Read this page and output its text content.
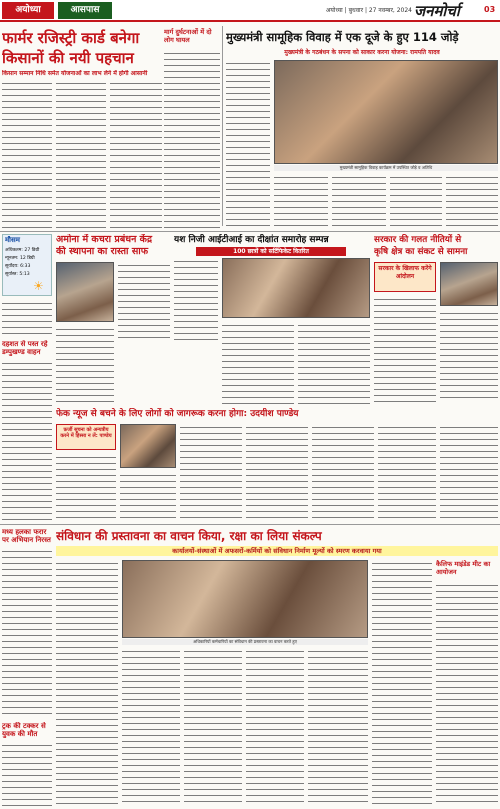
अयोध्या	आसपास	अयोध्या | बुधवार | 27 नवम्बर, 2024 जनमोर्चा	03
फार्मर रजिस्ट्री कार्ड बनेगा
किसानों की नयी पहचान
किसान सम्मान निधि समेत योजनाओं का लाभ लेने में होगी आसानी
मार्ग दुर्घटनाओं में दो लोग घायल	मुख्यमंत्री सामूहिक विवाह में एक दूजे के हुए 114 जोड़े
मुख्यमंत्री के गठबंधन के सपना को साकार करना योजना: रामपति यादव
मुख्यमंत्री सामूहिक विवाह कार्यक्रम में उपस्थित जोड़े व अतिथि
मौसम
अधिकतम: 27 डिग्री
न्यूनतम: 12 डिग्री
सूर्योदय: 6:33
सूर्यास्त: 5:13
☀
दहशत से पस्त रहे डम्पुखण्ड वाहन
अमोना में कचरा प्रबंधन केंद्र
की स्थापना का रास्ता साफ
यश निजी आईटीआई का दीक्षांत समारोह सम्पन्न
100 छात्रों को सर्टिफिकेट वितरित
सरकार की गलत नीतियों से
कृषि क्षेत्र का संकट से सामना
सरकार के खिलाफ करेंगे आंदोलन
फेक न्यूज से बचने के लिए लोगों को जागरूक करना होगा: उदयीश पाण्डेय
फ़र्जी सूचना को अन्यत्रीय करने में हिस्सा न लें: पाण्डेय
मध्य हलका फरार पर अभियान निरस्त
ट्रक की टक्कर से युवक की मौत
संविधान की प्रस्तावना का वाचन किया, रक्षा का लिया संकल्प
कार्यालयों-संस्थाओं में अफसरों-कर्मियों को संविधान निर्माण मूल्यों को स्मरण करवाया गया
अधिकारियों कर्मचारियों का संविधान की प्रस्तावना का वाचन करते हुए
कैलिफ माइंडेड मीट का आयोजन
